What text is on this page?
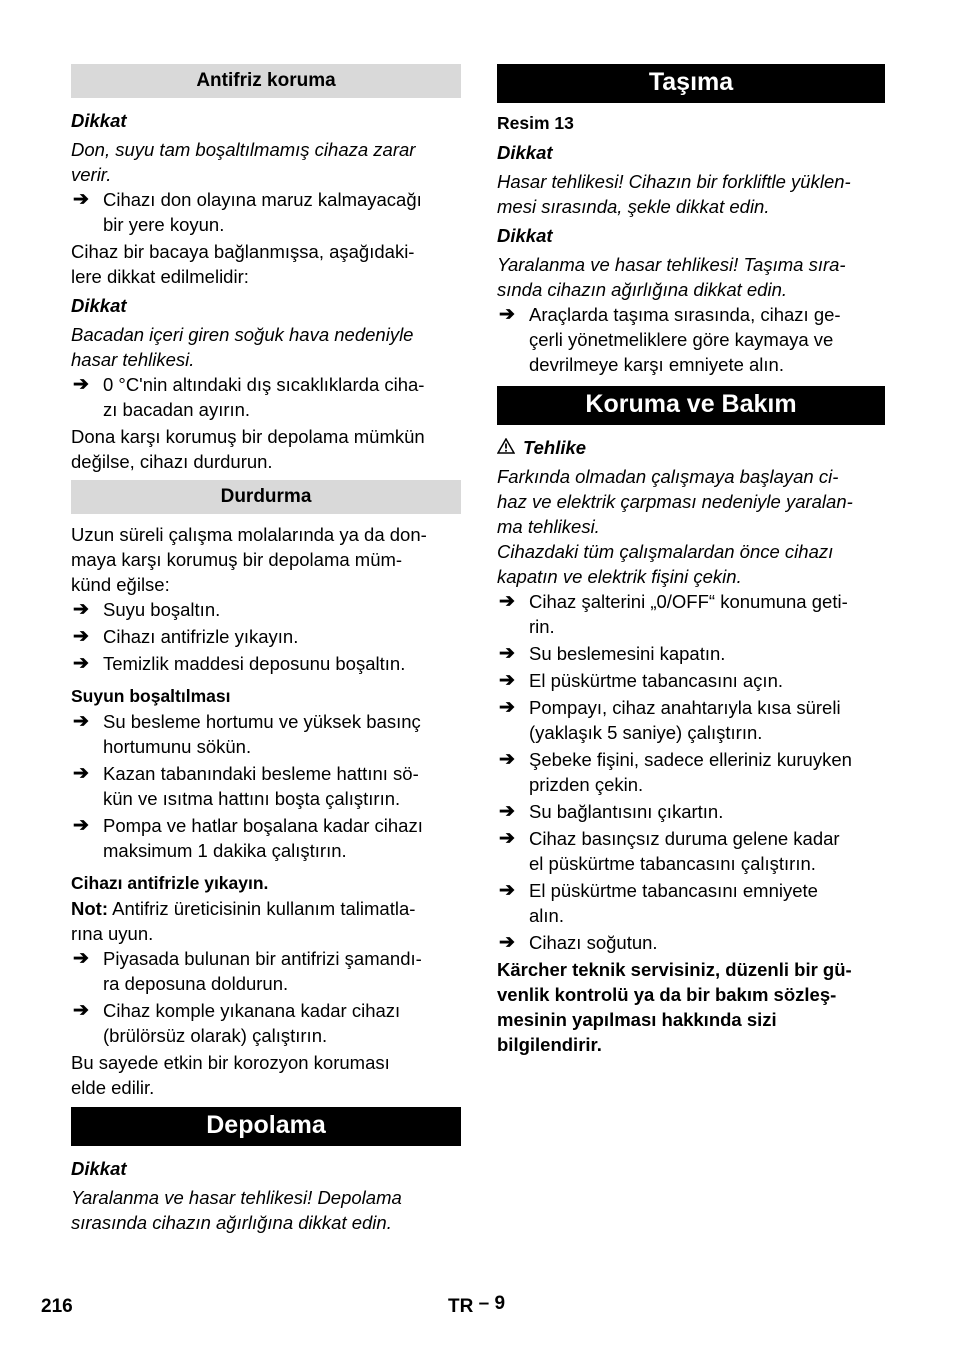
Antifriz koruma

Dikkat

Don, suyu tam boşaltılmamış cihaza zarar
verir.

➔ Cihazı don olayına maruz kalmayacağı
bir yere koyun.

Cihaz bir bacaya bağlanmışsa, aşağıdaki-
lere dikkat edilmelidir:

Dikkat

Bacadan içeri giren soğuk hava nedeniyle
hasar tehlikesi.

➔ 0 °C'nin altındaki dış sıcaklıklarda ciha-
zı bacadan ayırın.

Dona karşı korumuş bir depolama mümkün
değilse, cihazı durdurun.

Durdurma

Uzun süreli çalışma molalarında ya da don-
maya karşı korumuş bir depolama müm-
künd eğilse:

➔ Suyu boşaltın.
➔ Cihazı antifrizle yıkayın.
➔ Temizlik maddesi deposunu boşaltın.

Suyun boşaltılması

➔ Su besleme hortumu ve yüksek basınç
hortumunu sökün.
➔ Kazan tabanındaki besleme hattını sö-
kün ve ısıtma hattını boşta çalıştırın.
➔ Pompa ve hatlar boşalana kadar cihazı
maksimum 1 dakika çalıştırın.

Cihazı antifrizle yıkayın.

Not: Antifriz üreticisinin kullanım talimatla-
rına uyun.

➔ Piyasada bulunan bir antifrizi şamandı-
ra deposuna doldurun.
➔ Cihaz komple yıkanana kadar cihazı
(brülörsüz olarak) çalıştırın.

Bu sayede etkin bir korozyon koruması
elde edilir.

Depolama

Dikkat

Yaralanma ve hasar tehlikesi! Depolama
sırasında cihazın ağırlığına dikkat edin.

Taşıma

Resim 13

Dikkat

Hasar tehlikesi! Cihazın bir forkliftle yüklen-
mesi sırasında, şekle dikkat edin.

Dikkat

Yaralanma ve hasar tehlikesi! Taşıma sıra-
sında cihazın ağırlığına dikkat edin.

➔ Araçlarda taşıma sırasında, cihazı ge-
çerli yönetmeliklere göre kaymaya ve
devrilmeye karşı emniyete alın.
Koruma ve Bakım

Tehlike

Farkında olmadan çalışmaya başlayan ci-
haz ve elektrik çarpması nedeniyle yaralan-
ma tehlikesi.
Cihazdaki tüm çalışmalardan önce cihazı
kapatın ve elektrik fişini çekin.

➔ Cihaz şalterini „0/OFF“ konumuna geti-
rin.
➔ Su beslemesini kapatın.
➔ El püskürtme tabancasını açın.
➔ Pompayı, cihaz anahtarıyla kısa süreli
(yaklaşık 5 saniye) çalıştırın.
➔ Şebeke fişini, sadece elleriniz kuruyken
prizden çekin.
➔ Su bağlantısını çıkartın.
➔ Cihaz basınçsız duruma gelene kadar
el püskürtme tabancasını çalıştırın.
➔ El püskürtme tabancasını emniyete
alın.
➔ Cihazı soğutun.

Kärcher teknik servisiniz, düzenli bir gü-
venlik kontrolü ya da bir bakım sözleş-
mesinin yapılması hakkında sizi
bilgilendirir.

216	TR – 9
